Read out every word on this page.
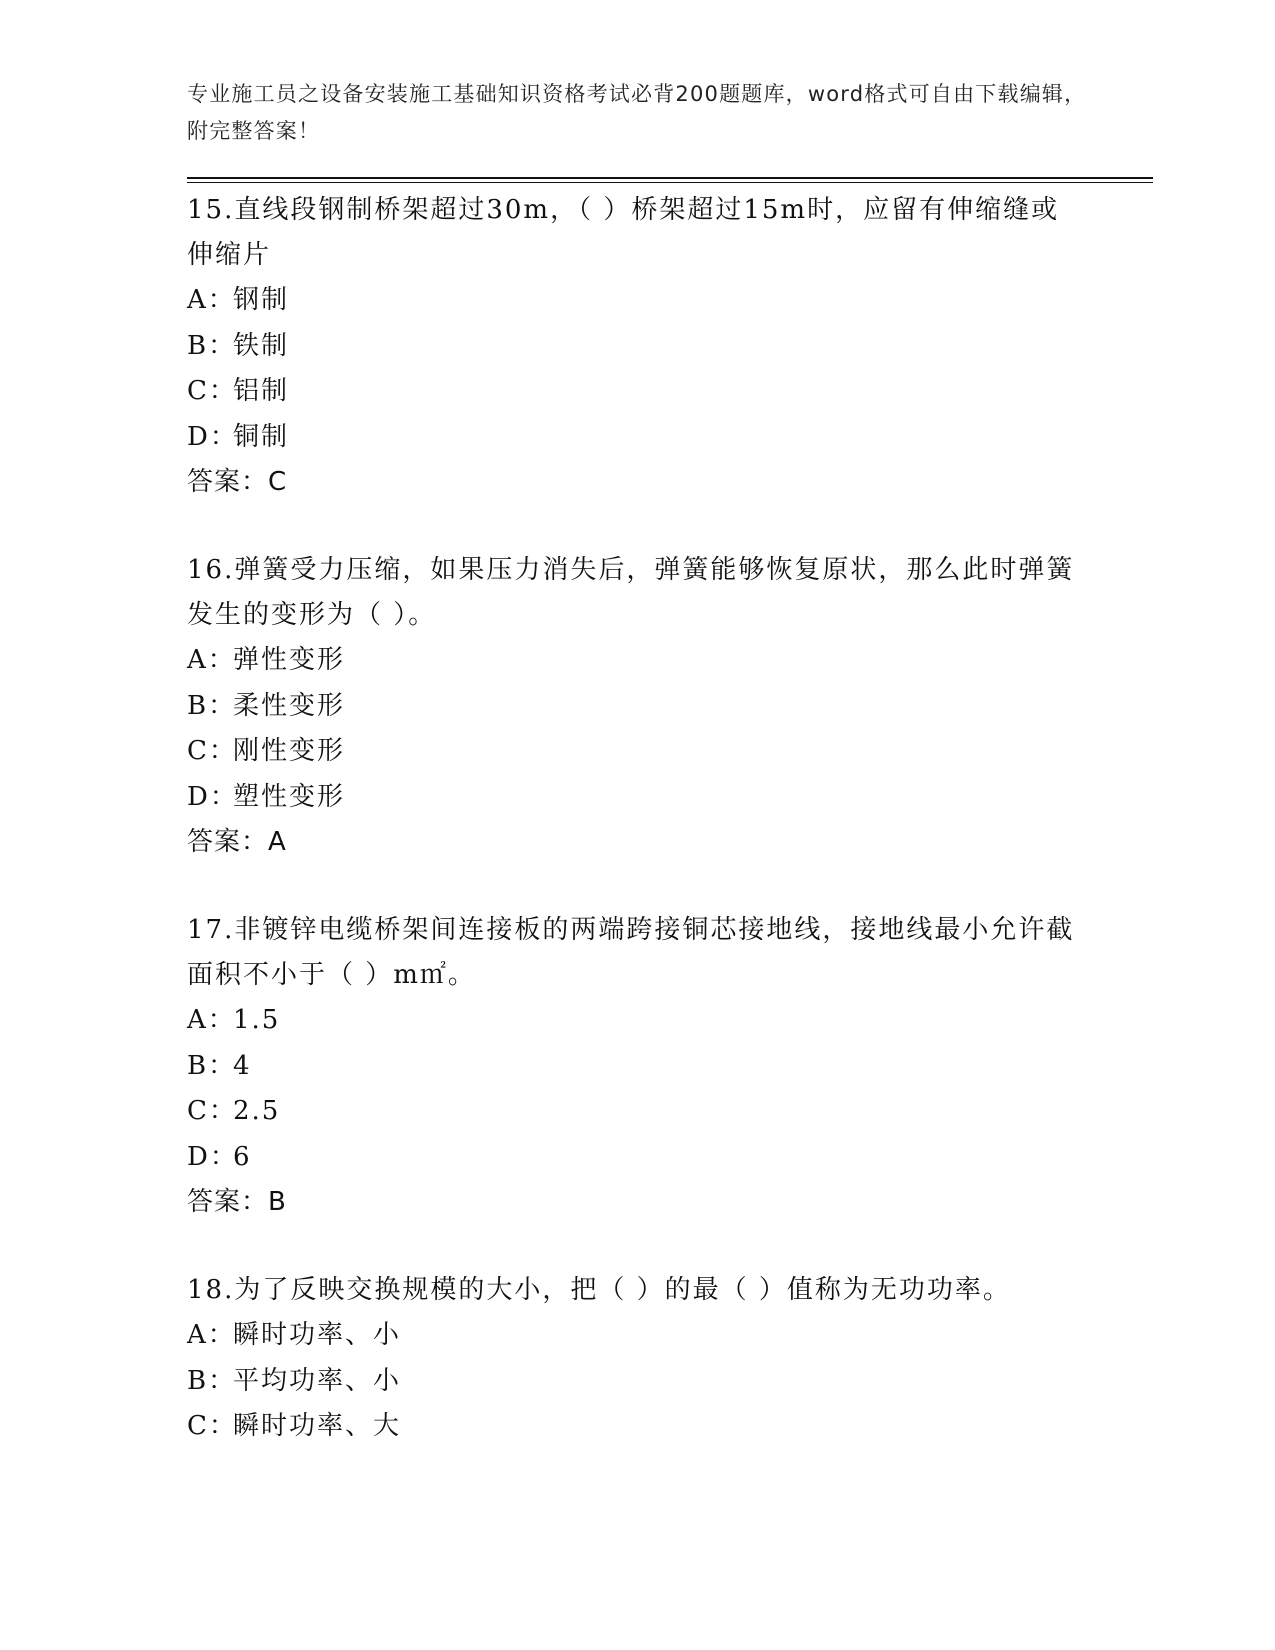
专业施工员之设备安装施工基础知识资格考试必背200题题库，word格式可自由下载编辑，附完整答案！
15.直线段钢制桥架超过30m，（ ）桥架超过15m时，应留有伸缩缝或伸缩片
A：钢制
B：铁制
C：铝制
D：铜制
答案：C
16.弹簧受力压缩，如果压力消失后，弹簧能够恢复原状，那么此时弹簧发生的变形为（ ）。
A：弹性变形
B：柔性变形
C：刚性变形
D：塑性变形
答案：A
17.非镀锌电缆桥架间连接板的两端跨接铜芯接地线，接地线最小允许截面积不小于（ ）m㎡。
A：1.5
B：4
C：2.5
D：6
答案：B
18.为了反映交换规模的大小，把（ ）的最（ ）值称为无功功率。
A：瞬时功率、小
B：平均功率、小
C：瞬时功率、大
